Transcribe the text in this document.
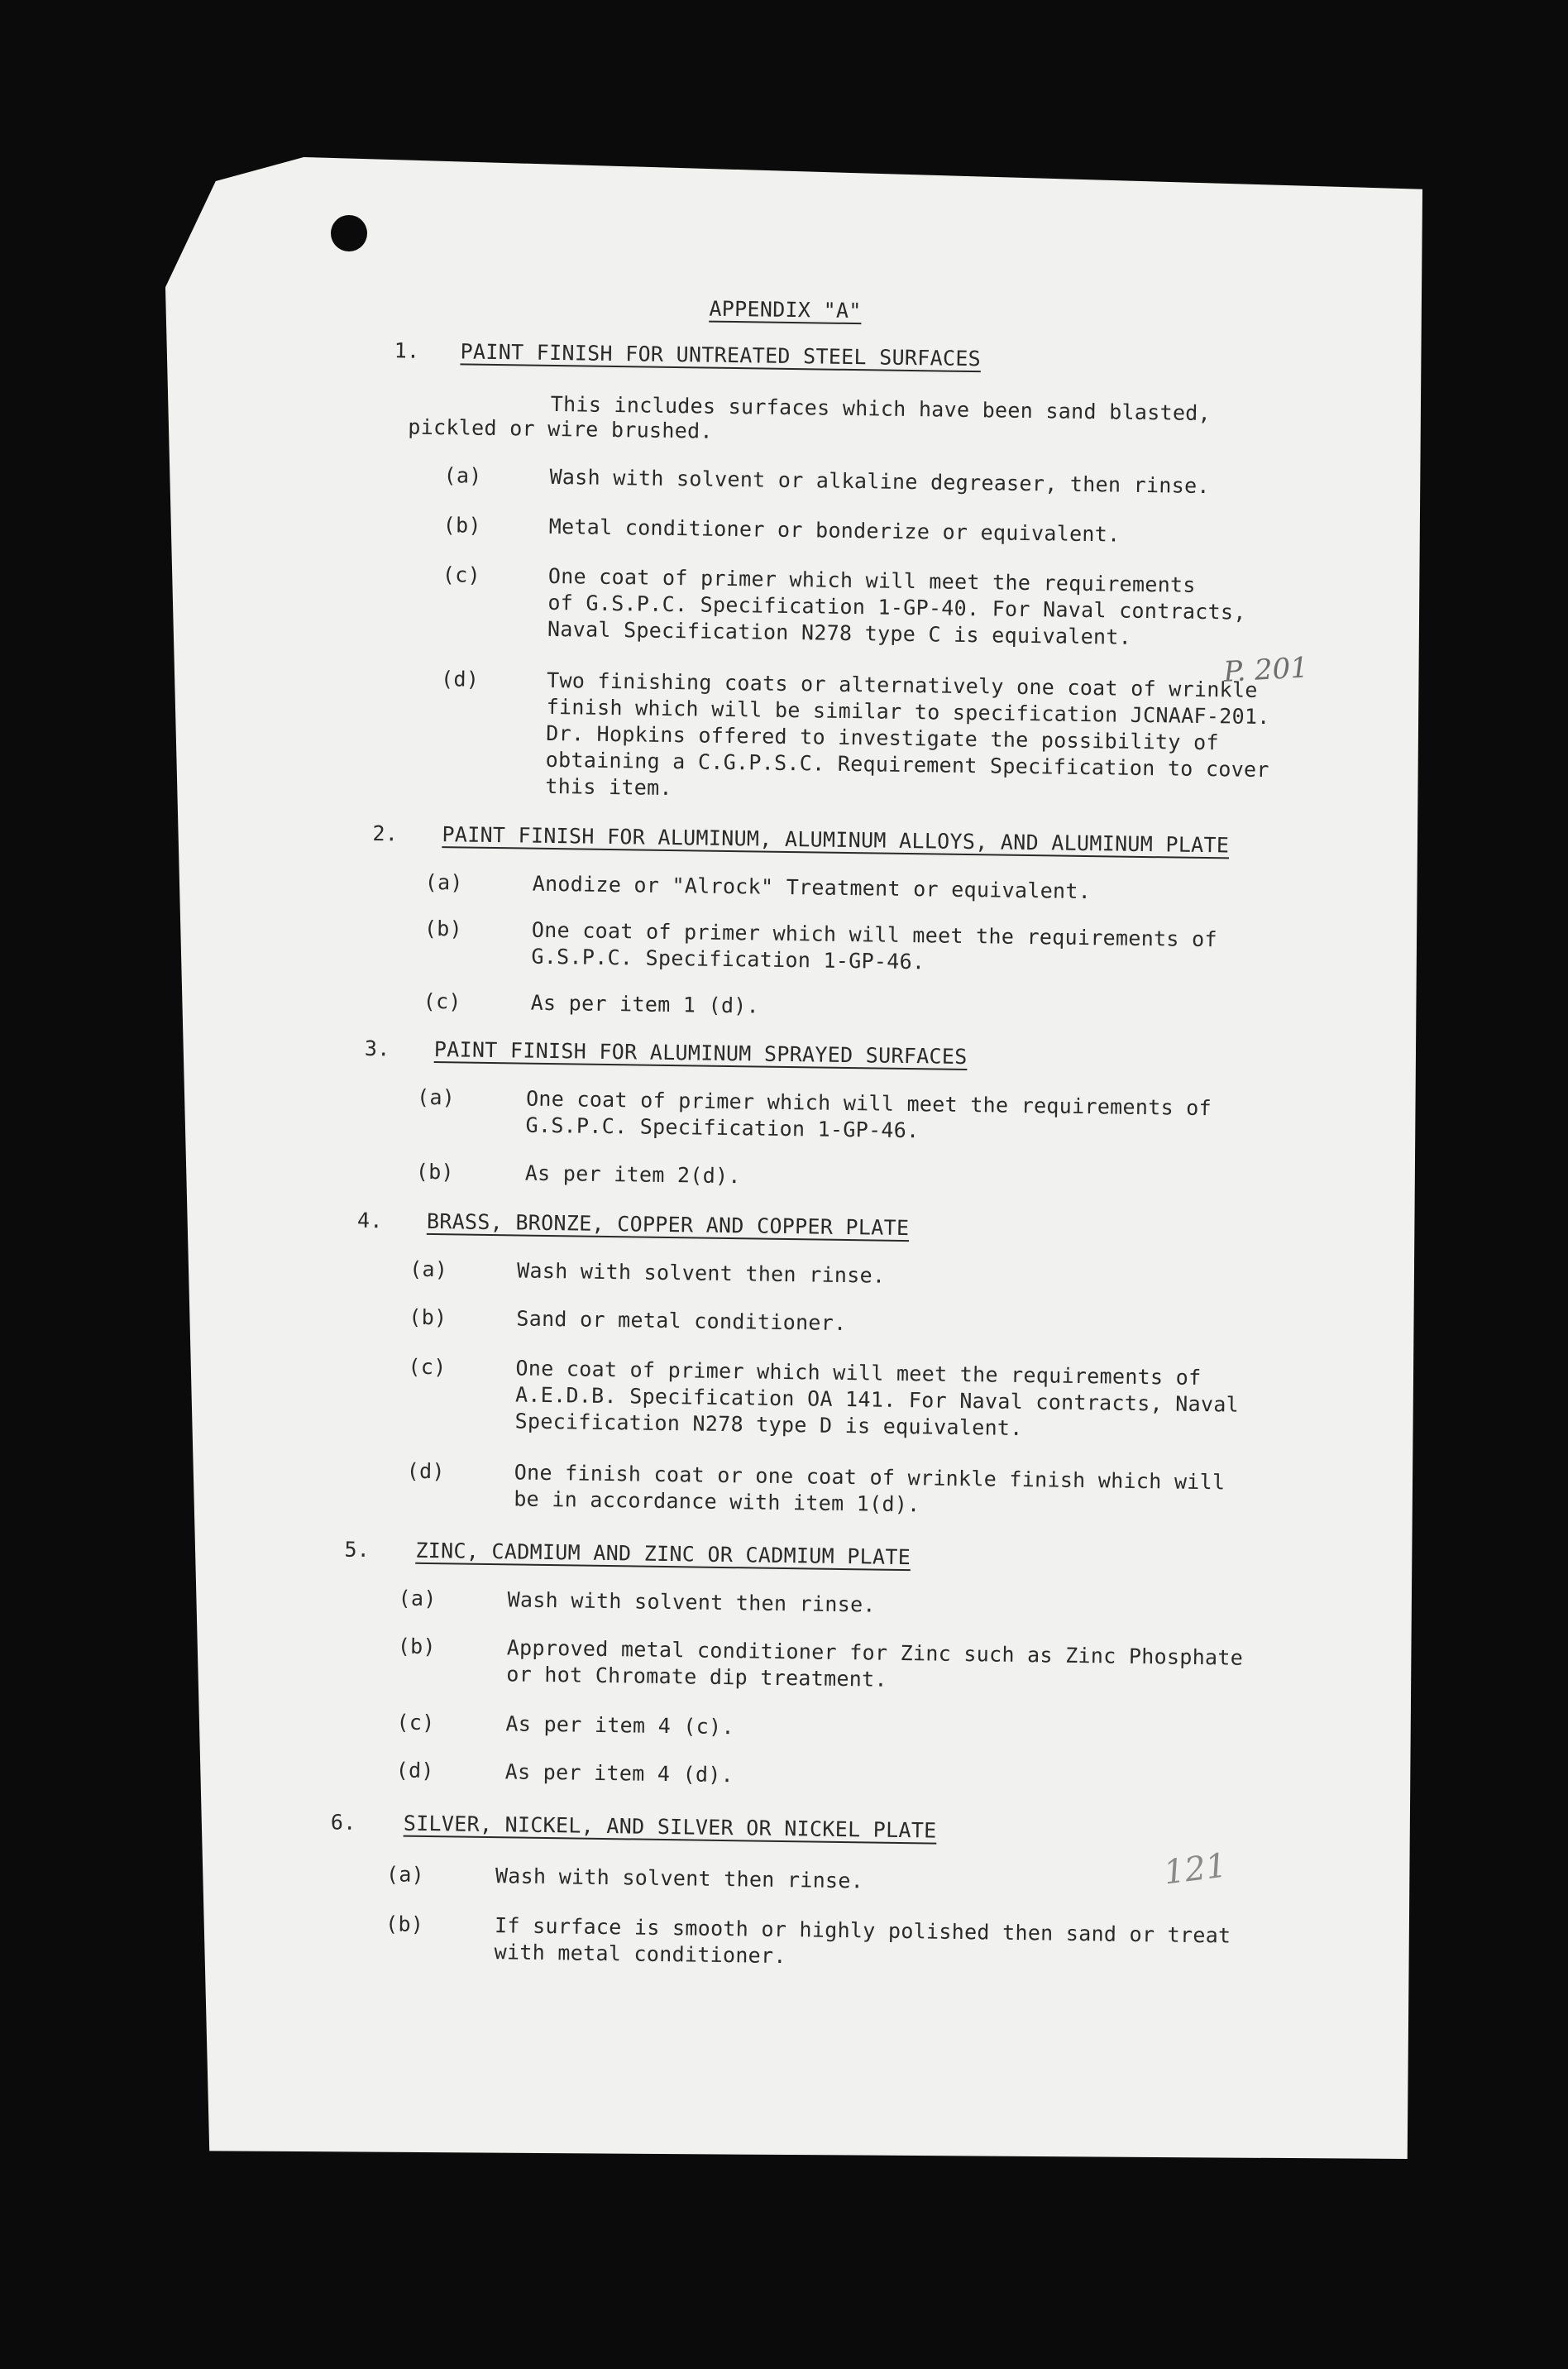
APPENDIX "A"
P. 201
121
1. PAINT FINISH FOR UNTREATED STEEL SURFACES
This includes surfaces which have been sand blasted,
pickled or wire brushed.
(a)	Wash with solvent or alkaline degreaser, then rinse.
(b)	Metal conditioner or bonderize or equivalent.
(c)	One coat of primer which will meet the requirements
of G.S.P.C. Specification 1-GP-40. For Naval contracts,
Naval Specification N278 type C is equivalent.
(d)	Two finishing coats or alternatively one coat of wrinkle
finish which will be similar to specification JCNAAF-201.
Dr. Hopkins offered to investigate the possibility of
obtaining a C.G.P.S.C. Requirement Specification to cover
this item.
2. PAINT FINISH FOR ALUMINUM, ALUMINUM ALLOYS, AND ALUMINUM PLATE
(a)	Anodize or "Alrock" Treatment or equivalent.
(b)	One coat of primer which will meet the requirements of
G.S.P.C. Specification 1-GP-46.
(c)	As per item 1 (d).
3. PAINT FINISH FOR ALUMINUM SPRAYED SURFACES
(a)	One coat of primer which will meet the requirements of
G.S.P.C. Specification 1-GP-46.
(b)	As per item 2(d).
4. BRASS, BRONZE, COPPER AND COPPER PLATE
(a)	Wash with solvent then rinse.
(b)	Sand or metal conditioner.
(c)	One coat of primer which will meet the requirements of
A.E.D.B. Specification OA 141. For Naval contracts, Naval
Specification N278 type D is equivalent.
(d)	One finish coat or one coat of wrinkle finish which will
be in accordance with item 1(d).
5. ZINC, CADMIUM AND ZINC OR CADMIUM PLATE
(a)	Wash with solvent then rinse.
(b)	Approved metal conditioner for Zinc such as Zinc Phosphate
or hot Chromate dip treatment.
(c)	As per item 4 (c).
(d)	As per item 4 (d).
6. SILVER, NICKEL, AND SILVER OR NICKEL PLATE
(a)	Wash with solvent then rinse.
(b)	If surface is smooth or highly polished then sand or treat
with metal conditioner.
